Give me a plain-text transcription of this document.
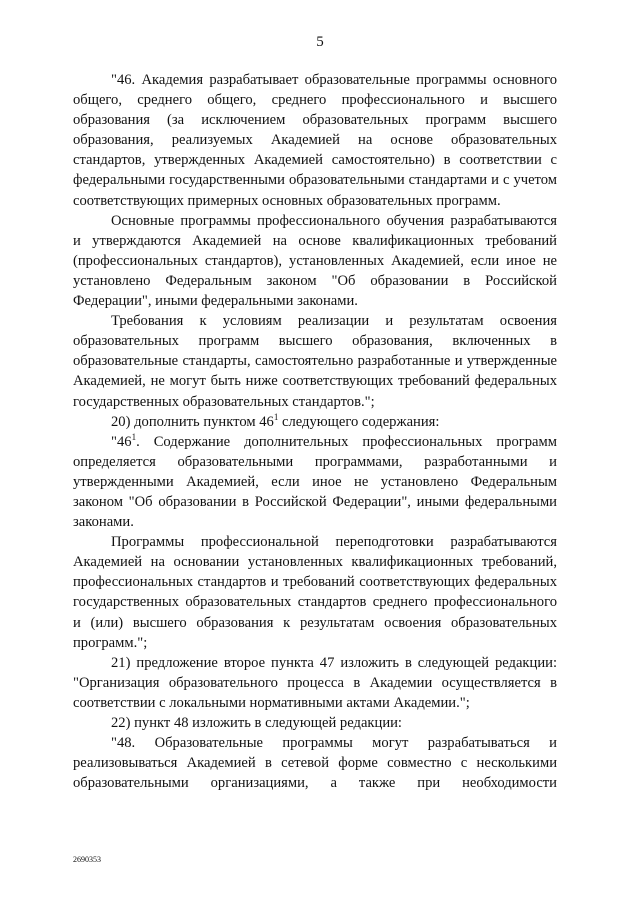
5

"46. Академия разрабатывает образовательные программы основного общего, среднего общего, среднего профессионального и высшего образования (за исключением образовательных программ высшего образования, реализуемых Академией на основе образовательных стандартов, утвержденных Академией самостоятельно) в соответствии с федеральными государственными образовательными стандартами и с учетом соответствующих примерных основных образовательных программ.

Основные программы профессионального обучения разрабатываются и утверждаются Академией на основе квалификационных требований (профессиональных стандартов), установленных Академией, если иное не установлено Федеральным законом "Об образовании в Российской Федерации", иными федеральными законами.

Требования к условиям реализации и результатам освоения образовательных программ высшего образования, включенных в образовательные стандарты, самостоятельно разработанные и утвержденные Академией, не могут быть ниже соответствующих требований федеральных государственных образовательных стандартов.";

20) дополнить пунктом $46^1$ следующего содержания:

"$46^1$. Содержание дополнительных профессиональных программ определяется образовательными программами, разработанными и утвержденными Академией, если иное не установлено Федеральным законом "Об образовании в Российской Федерации", иными федеральными законами.

Программы профессиональной переподготовки разрабатываются Академией на основании установленных квалификационных требований, профессиональных стандартов и требований соответствующих федеральных государственных образовательных стандартов среднего профессионального и (или) высшего образования к результатам освоения образовательных программ.";

21) предложение второе пункта 47 изложить в следующей редакции: "Организация образовательного процесса в Академии осуществляется в соответствии с локальными нормативными актами Академии.";

22) пункт 48 изложить в следующей редакции:

"48. Образовательные программы могут разрабатываться и реализовываться Академией в сетевой форме совместно с несколькими образовательными организациями, а также при необходимости

2690353
